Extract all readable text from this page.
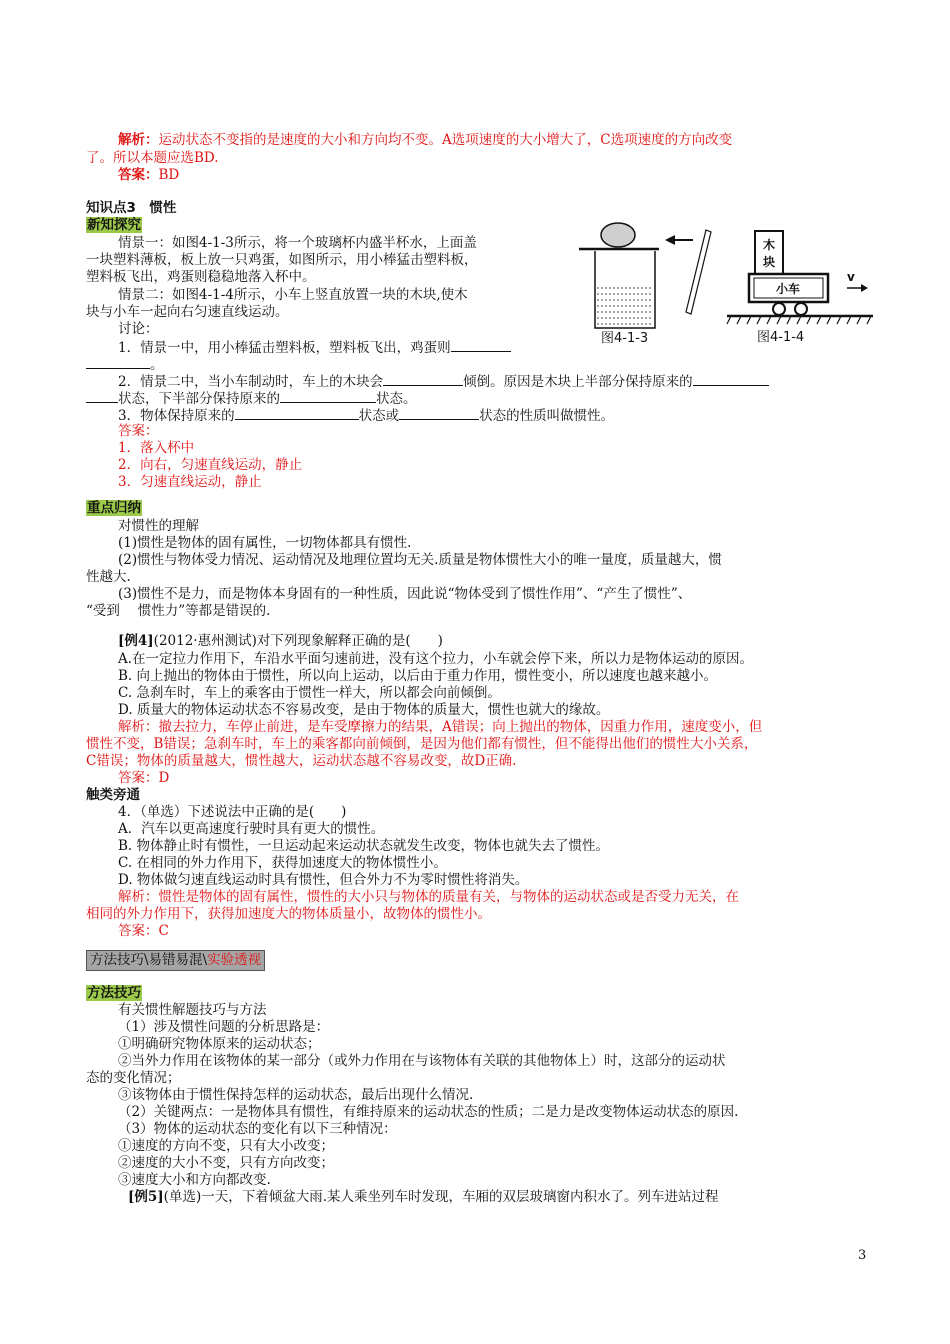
解析：运动状态不变指的是速度的大小和方向均不变。A选项速度的大小增大了，C选项速度的方向改变
了。所以本题应选BD.
答案：BD
知识点3　惯性
新知探究
情景一：如图4-1-3所示，将一个玻璃杯内盛半杯水，上面盖
一块塑料薄板，板上放一只鸡蛋，如图所示，用小棒猛击塑料板，
塑料板飞出，鸡蛋则稳稳地落入杯中。
情景二：如图4-1-4所示，小车上竖直放置一块的木块,使木
块与小车一起向右匀速直线运动。
讨论：
1．情景一中，用小棒猛击塑料板，塑料板飞出，鸡蛋则
。
2．情景二中，当小车制动时，车上的木块会	倾倒。原因是木块上半部分保持原来的
状态，下半部分保持原来的	状态。
3．物体保持原来的	状态或	状态的性质叫做惯性。
答案：
1．落入杯中
2．向右，匀速直线运动，静止
3．匀速直线运动，静止
图4-1-3
木
块
小车
v
图4-1-4
重点归纳
对惯性的理解
(1)惯性是物体的固有属性，一切物体都具有惯性.
(2)惯性与物体受力情况、运动情况及地理位置均无关.质量是物体惯性大小的唯一量度，质量越大，惯
性越大.
(3)惯性不是力，而是物体本身固有的一种性质，因此说“物体受到了惯性作用”、“产生了惯性”、
“受到　 惯性力”等都是错误的.
[例4](2012·惠州测试)对下列现象解释正确的是(　　)
A.在一定拉力作用下，车沿水平面匀速前进，没有这个拉力，小车就会停下来，所以力是物体运动的原因。
B. 向上抛出的物体由于惯性，所以向上运动，以后由于重力作用，惯性变小，所以速度也越来越小。
C. 急刹车时，车上的乘客由于惯性一样大，所以都会向前倾倒。
D. 质量大的物体运动状态不容易改变，是由于物体的质量大，惯性也就大的缘故。
解析：撤去拉力，车停止前进，是车受摩擦力的结果，A错误；向上抛出的物体，因重力作用，速度变小，但
惯性不变，B错误；急刹车时，车上的乘客都向前倾倒，是因为他们都有惯性，但不能得出他们的惯性大小关系，
C错误；物体的质量越大，惯性越大，运动状态越不容易改变，故D正确.
答案：D
触类旁通
4．（单选）下述说法中正确的是(　　)
A．汽车以更高速度行驶时具有更大的惯性。
B. 物体静止时有惯性，一旦运动起来运动状态就发生改变，物体也就失去了惯性。
C. 在相同的外力作用下，获得加速度大的物体惯性小。
D. 物体做匀速直线运动时具有惯性，但合外力不为零时惯性将消失。
解析：惯性是物体的固有属性，惯性的大小只与物体的质量有关，与物体的运动状态或是否受力无关，在
相同的外力作用下，获得加速度大的物体质量小，故物体的惯性小。
答案：C
方法技巧\易错易混\实验透视
方法技巧
有关惯性解题技巧与方法
（1）涉及惯性问题的分析思路是：
①明确研究物体原来的运动状态；
②当外力作用在该物体的某一部分（或外力作用在与该物体有关联的其他物体上）时，这部分的运动状
态的变化情况；
③该物体由于惯性保持怎样的运动状态，最后出现什么情况.
（2）关键两点：一是物体具有惯性，有维持原来的运动状态的性质；二是力是改变物体运动状态的原因.
（3）物体的运动状态的变化有以下三种情况：
①速度的方向不变，只有大小改变；
②速度的大小不变，只有方向改变；
③速度大小和方向都改变.
[例5](单选)一天，下着倾盆大雨.某人乘坐列车时发现，车厢的双层玻璃窗内积水了。列车进站过程
3
